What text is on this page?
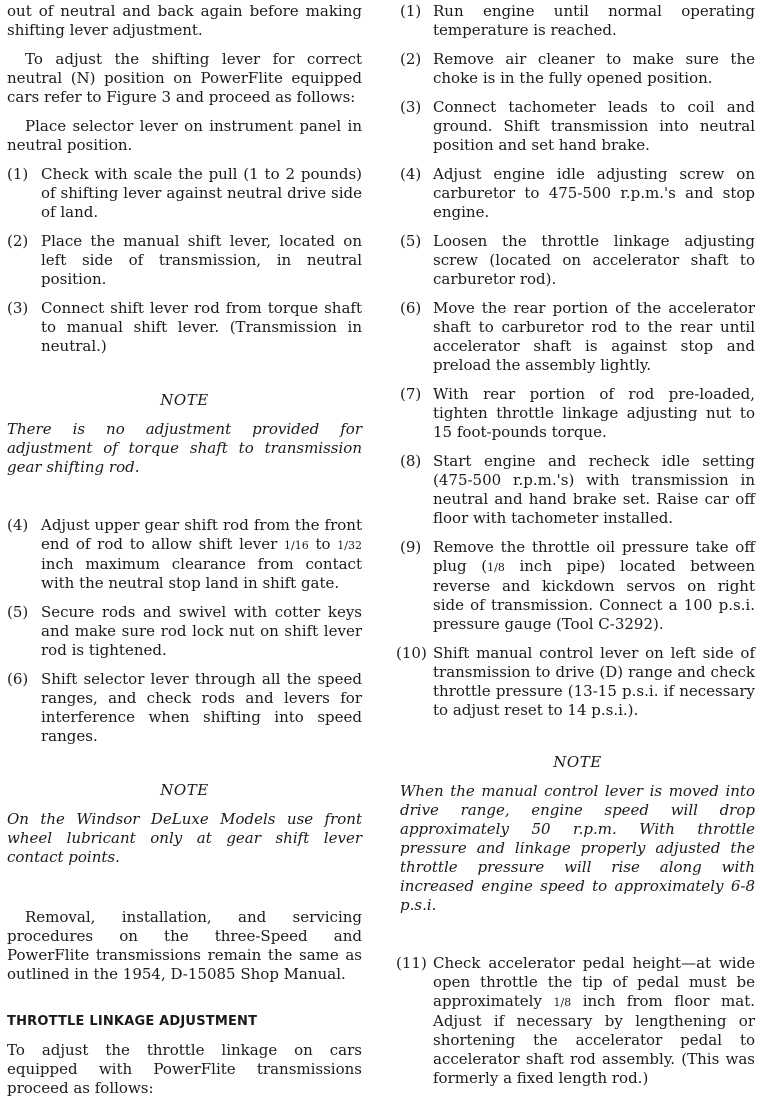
out of neutral and back again before making shifting lever adjustment.

To adjust the shifting lever for correct neutral (N) position on PowerFlite equipped cars refer to Figure 3 and proceed as follows:

Place selector lever on instrument panel in neutral position.

(1) Check with scale the pull (1 to 2 pounds) of shifting lever against neutral drive side of land.
(2) Place the manual shift lever, located on left side of transmission, in neutral position.
(3) Connect shift lever rod from torque shaft to manual shift lever. (Transmission in neutral.)
NOTE

There is no adjustment provided for adjustment of torque shaft to transmission gear shifting rod.

(4) Adjust upper gear shift rod from the front end of rod to allow shift lever 1/16 to 1/32 inch maximum clearance from contact with the neutral stop land in shift gate.
(5) Secure rods and swivel with cotter keys and make sure rod lock nut on shift lever rod is tightened.
(6) Shift selector lever through all the speed ranges, and check rods and levers for interference when shifting into speed ranges.
NOTE

On the Windsor DeLuxe Models use front wheel lubricant only at gear shift lever contact points.

Removal, installation, and servicing procedures on the three-Speed and PowerFlite transmissions remain the same as outlined in the 1954, D-15085 Shop Manual.

THROTTLE LINKAGE ADJUSTMENT

To adjust the throttle linkage on cars equipped with PowerFlite transmissions proceed as follows:

(1) Run engine until normal operating temperature is reached.
(2) Remove air cleaner to make sure the choke is in the fully opened position.
(3) Connect tachometer leads to coil and ground. Shift transmission into neutral position and set hand brake.
(4) Adjust engine idle adjusting screw on carburetor to 475-500 r.p.m.'s and stop engine.
(5) Loosen the throttle linkage adjusting screw (located on accelerator shaft to carburetor rod).
(6) Move the rear portion of the accelerator shaft to carburetor rod to the rear until accelerator shaft is against stop and preload the assembly lightly.
(7) With rear portion of rod pre-loaded, tighten throttle linkage adjusting nut to 15 foot-pounds torque.
(8) Start engine and recheck idle setting (475-500 r.p.m.'s) with transmission in neutral and hand brake set. Raise car off floor with tachometer installed.
(9) Remove the throttle oil pressure take off plug (1/8 inch pipe) located between reverse and kickdown servos on right side of transmission. Connect a 100 p.s.i. pressure gauge (Tool C-3292).
(10) Shift manual control lever on left side of transmission to drive (D) range and check throttle pressure (13-15 p.s.i. if necessary to adjust reset to 14 p.s.i.).
NOTE

When the manual control lever is moved into drive range, engine speed will drop approximately 50 r.p.m. With throttle pressure and linkage properly adjusted the throttle pressure will rise along with increased engine speed to approximately 6-8 p.s.i.

(11) Check accelerator pedal height—at wide open throttle the tip of pedal must be approximately 1/8 inch from floor mat. Adjust if necessary by lengthening or shortening the accelerator pedal to accelerator shaft rod assembly. (This was formerly a fixed length rod.)
